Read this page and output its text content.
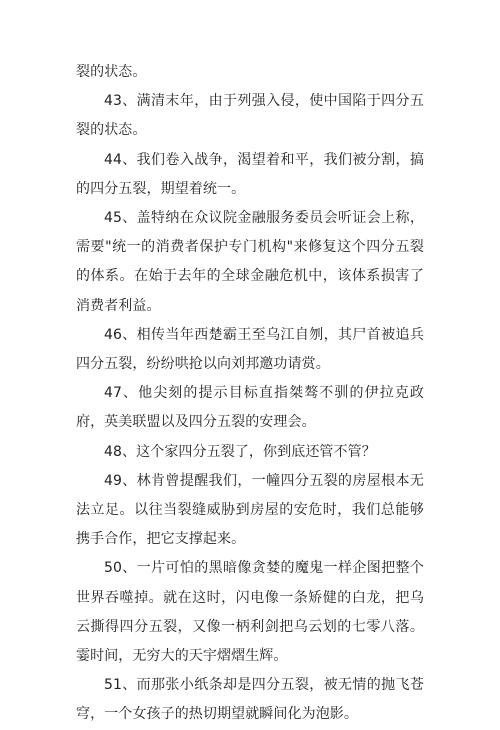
裂的状态。

43、满清末年，由于列强入侵，使中国陷于四分五裂的状态。

44、我们卷入战争，渴望着和平，我们被分割，搞的四分五裂，期望着统一。

45、盖特纳在众议院金融服务委员会听证会上称，需要"统一的消费者保护专门机构"来修复这个四分五裂的体系。在始于去年的全球金融危机中，该体系损害了消费者利益。

46、相传当年西楚霸王至乌江自刎，其尸首被追兵四分五裂，纷纷哄抢以向刘邦邀功请赏。

47、他尖刻的提示目标直指桀骜不驯的伊拉克政府，英美联盟以及四分五裂的安理会。

48、这个家四分五裂了，你到底还管不管？

49、林肯曾提醒我们，一幢四分五裂的房屋根本无法立足。以往当裂缝威胁到房屋的安危时，我们总能够携手合作，把它支撑起来。

50、一片可怕的黑暗像贪婪的魔鬼一样企图把整个世界吞噬掉。就在这时，闪电像一条矫健的白龙，把乌云撕得四分五裂，又像一柄利剑把乌云划的七零八落。霎时间，无穷大的天宇熠熠生辉。

51、而那张小纸条却是四分五裂，被无情的抛飞苍穹，一个女孩子的热切期望就瞬间化为泡影。
